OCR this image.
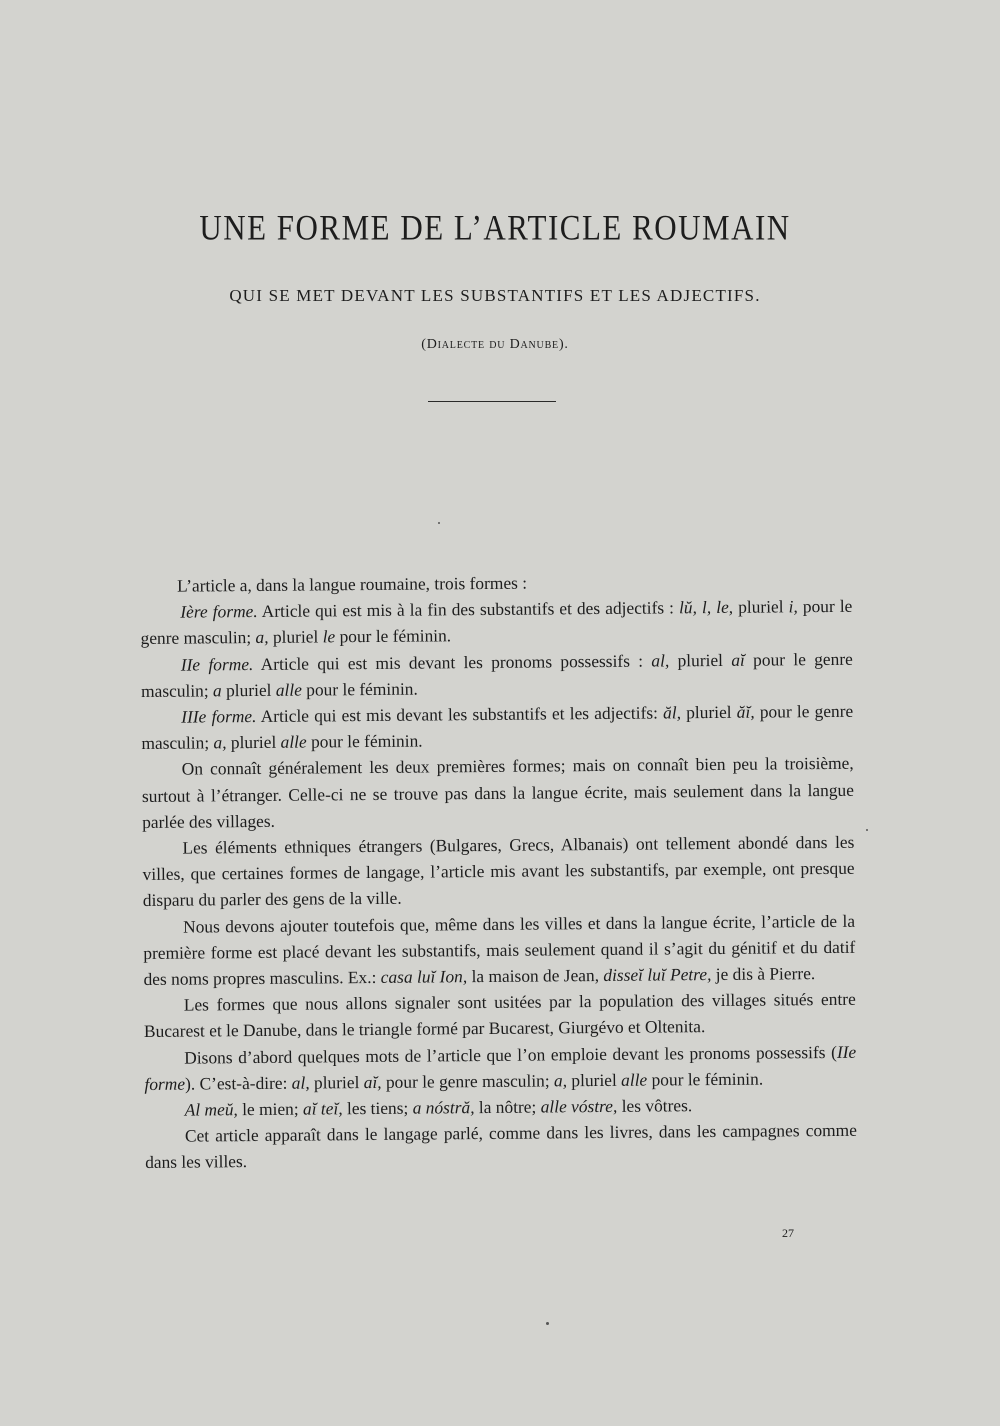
UNE FORME DE L’ARTICLE ROUMAIN
QUI SE MET DEVANT LES SUBSTANTIFS ET LES ADJECTIFS.
(Dialecte du Danube).

L’article a, dans la langue roumaine, trois formes :

Ière forme. Article qui est mis à la fin des substantifs et des adjectifs : lŭ, l, le, pluriel i, pour le genre masculin; a, pluriel le pour le féminin.

IIe forme. Article qui est mis devant les pronoms possessifs : al, pluriel aĭ pour le genre masculin; a pluriel alle pour le féminin.

IIIe forme. Article qui est mis devant les substantifs et les adjectifs: ăl, pluriel ăĭ, pour le genre masculin; a, pluriel alle pour le féminin.

On connaît généralement les deux premières formes; mais on connaît bien peu la troisième, surtout à l’étranger. Celle-ci ne se trouve pas dans la langue écrite, mais seulement dans la langue parlée des villages.

Les éléments ethniques étrangers (Bulgares, Grecs, Albanais) ont tellement abondé dans les villes, que certaines formes de langage, l’article mis avant les substantifs, par exemple, ont presque disparu du parler des gens de la ville.

Nous devons ajouter toutefois que, même dans les villes et dans la langue écrite, l’article de la première forme est placé devant les substantifs, mais seulement quand il s’agit du génitif et du datif des noms propres masculins. Ex.: casa luĭ Ion, la maison de Jean, disseĭ luĭ Petre, je dis à Pierre.

Les formes que nous allons signaler sont usitées par la population des villages situés entre Bucarest et le Danube, dans le triangle formé par Bucarest, Giurgévo et Oltenita.

Disons d’abord quelques mots de l’article que l’on emploie devant les pronoms possessifs (IIe forme). C’est-à-dire: al, pluriel aĭ, pour le genre masculin; a, pluriel alle pour le féminin.

Al meŭ, le mien; aĭ teĭ, les tiens; a nóstră, la nôtre; alle vóstre, les vôtres.

Cet article apparaît dans le langage parlé, comme dans les livres, dans les campagnes comme dans les villes.

27
